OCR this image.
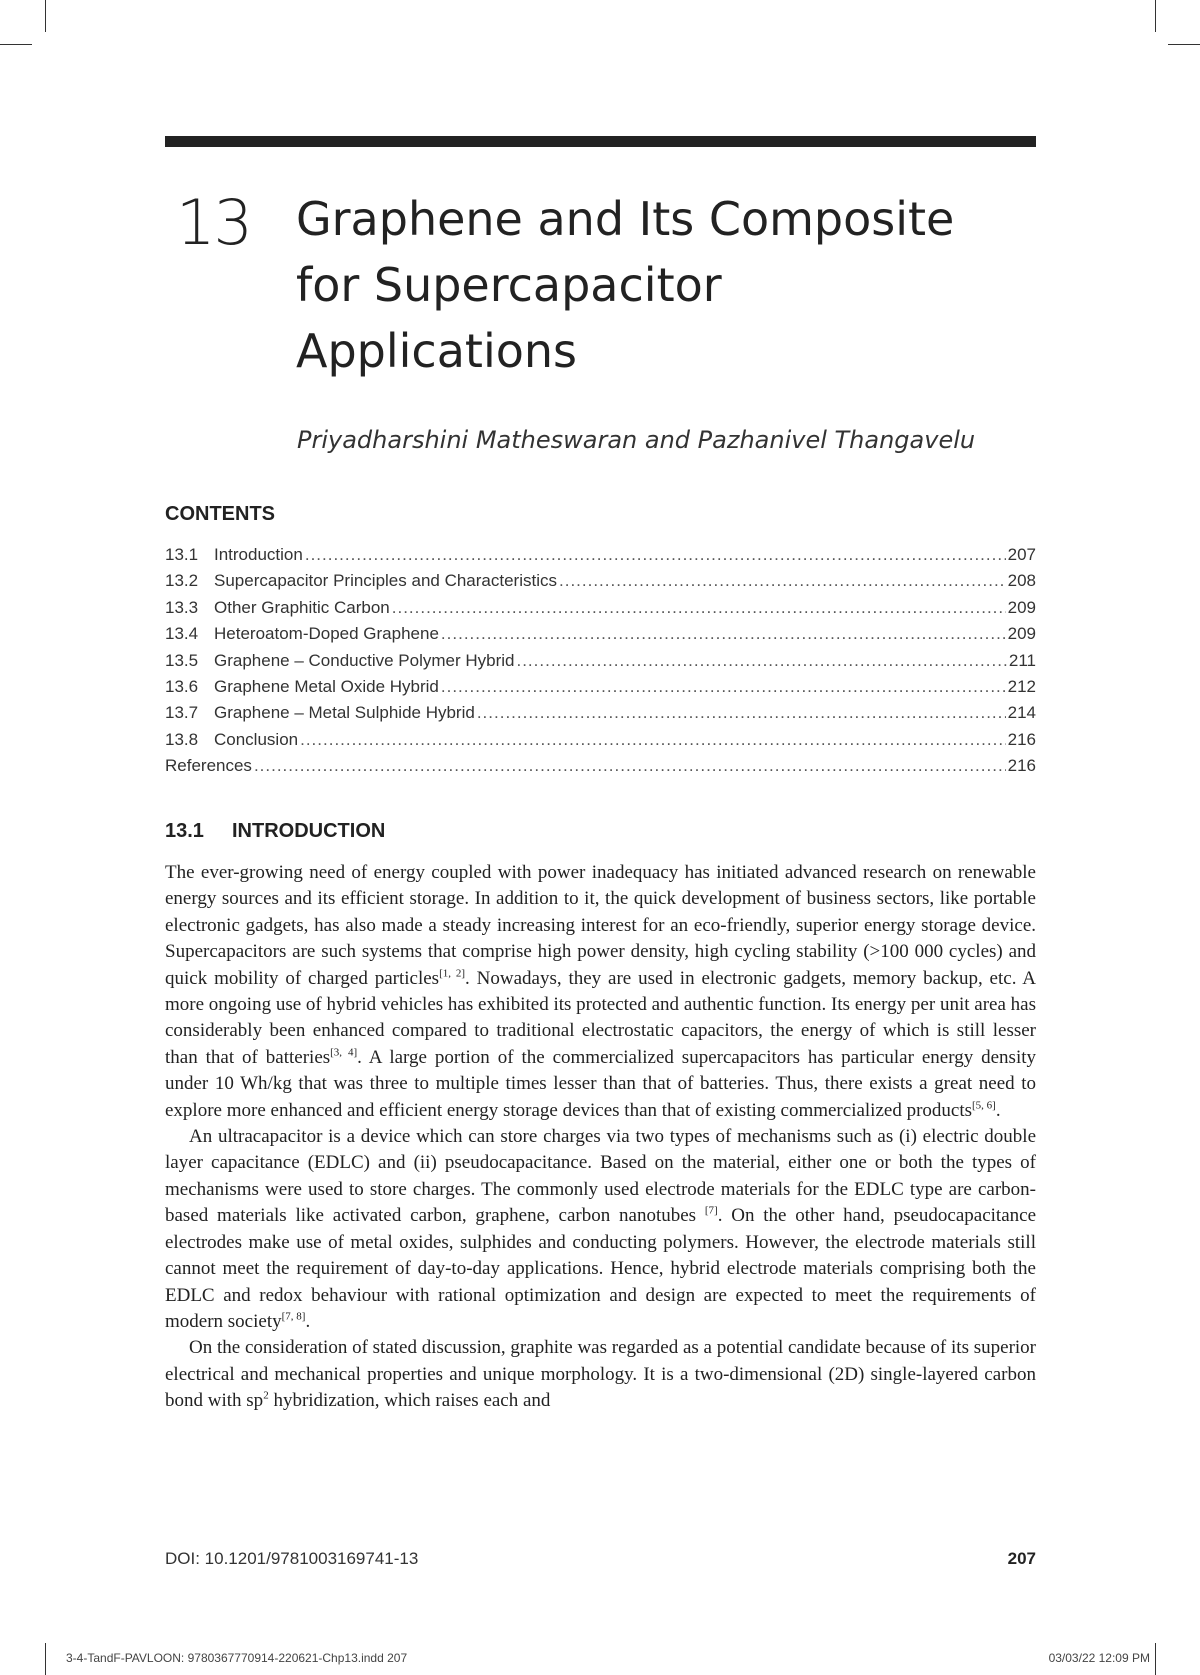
13 Graphene and Its Composite
for Supercapacitor
Applications
Priyadharshini Matheswaran and Pazhanivel Thangavelu
CONTENTS
13.1 Introduction .....	207
13.2 Supercapacitor Principles and Characteristics .....	208
13.3 Other Graphitic Carbon .....	209
13.4 Heteroatom-Doped Graphene .....	209
13.5 Graphene – Conductive Polymer Hybrid .....	211
13.6 Graphene Metal Oxide Hybrid .....	212
13.7 Graphene – Metal Sulphide Hybrid .....	214
13.8 Conclusion .....	216
References .....	216
13.1 INTRODUCTION

The ever-growing need of energy coupled with power inadequacy has initiated advanced research on renewable energy sources and its efficient storage. In addition to it, the quick development of business sectors, like portable electronic gadgets, has also made a steady increasing interest for an eco-friendly, superior energy storage device. Supercapacitors are such systems that comprise high power density, high cycling stability (>100 000 cycles) and quick mobility of charged particles[1, 2]. Nowadays, they are used in electronic gadgets, memory backup, etc. A more ongoing use of hybrid vehicles has exhibited its protected and authentic function. Its energy per unit area has considerably been enhanced compared to traditional electrostatic capacitors, the energy of which is still lesser than that of batteries[3, 4]. A large portion of the commercialized supercapacitors has particular energy density under 10 Wh/kg that was three to multiple times lesser than that of batteries. Thus, there exists a great need to explore more enhanced and efficient energy storage devices than that of existing commercialized products[5, 6].

An ultracapacitor is a device which can store charges via two types of mechanisms such as (i) electric double layer capacitance (EDLC) and (ii) pseudocapacitance. Based on the material, either one or both the types of mechanisms were used to store charges. The commonly used electrode materials for the EDLC type are carbon-based materials like activated carbon, graphene, carbon nanotubes [7]. On the other hand, pseudocapacitance electrodes make use of metal oxides, sulphides and conducting polymers. However, the electrode materials still cannot meet the requirement of day-to-day applications. Hence, hybrid electrode materials comprising both the EDLC and redox behaviour with rational optimization and design are expected to meet the requirements of modern society[7, 8].

On the consideration of stated discussion, graphite was regarded as a potential candidate because of its superior electrical and mechanical properties and unique morphology. It is a two-dimensional (2D) single-layered carbon bond with $sp^2$ hybridization, which raises each and

DOI: 10.1201/9781003169741-13	207
3-4-TandF-PAVLOON: 9780367770914-220621-Chp13.indd 207	03/03/22 12:09 PM
